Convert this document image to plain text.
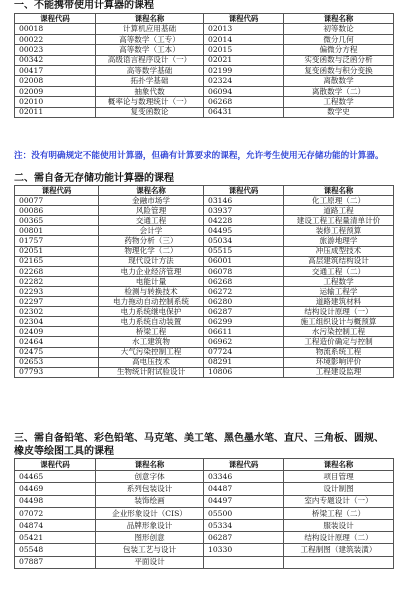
一、不能携带使用计算器的课程
课程代码	课程名称	课程代码	课程名称
00018	计算机应用基础	02013	初等数论
00022	高等数学（工专）	02014	微分几何
00023	高等数学（工本）	02015	偏微分方程
00342	高级语言程序设计（一）	02021	实变函数与泛函分析
00417	高等数学基础	02199	复变函数与积分变换
02008	拓扑学基础	02324	离散数学
02009	抽象代数	06094	离散数学（二）
02010	概率论与数理统计（一）	06268	工程数学
02011	复变函数论	06431	数学史
注：没有明确规定不能使用计算器，但确有计算要求的课程，允许考生使用无存储功能的计算器。
二、需自备无存储功能计算器的课程
课程代码	课程名称	课程代码	课程名称
00077	金融市场学	03146	化工原理（二）
00086	风险管理	03937	道路工程
00365	交通工程	04228	建设工程工程量清单计价
00801	会计学	04495	装修工程预算
01757	药物分析（三）	05034	旅游地理学
02051	物理化学（二）	05515	冲压成型技术
02165	现代设计方法	06001	高层建筑结构设计
02268	电力企业经济管理	06078	交通工程（二）
02282	电能计量	06268	工程数学
02293	检测与转换技术	06272	运输工程学
02297	电力拖动自动控制系统	06280	道路建筑材料
02302	电力系统继电保护	06287	结构设计原理（一）
02304	电力系统自动装置	06299	施工组织设计与概预算
02409	桥梁工程	06611	水污染控制工程
02464	水工建筑物	06962	工程造价确定与控制
02475	大气污染控制工程	07724	物流系统工程
02653	高电压技术	08291	环境影响评价
07793	生物统计附试验设计	10806	工程建设监理
三、需自备铅笔、彩色铅笔、马克笔、美工笔、黑色墨水笔、直尺、三角板、圆规、橡皮等绘图工具的课程
课程代码	课程名称	课程代码	课程名称
04465	创意字体	03346	项目管理
04469	系列包装设计	04487	设计制图
04498	装饰绘画	04497	室内专题设计（一）
07072	企业形象设计（CIS）	05500	桥梁工程（二）
04874	品牌形象设计	05334	服装设计
05421	图形创意	06287	结构设计原理（二）
05548	包装工艺与设计	10330	工程制图（建筑装潢）
07887	平面设计		
